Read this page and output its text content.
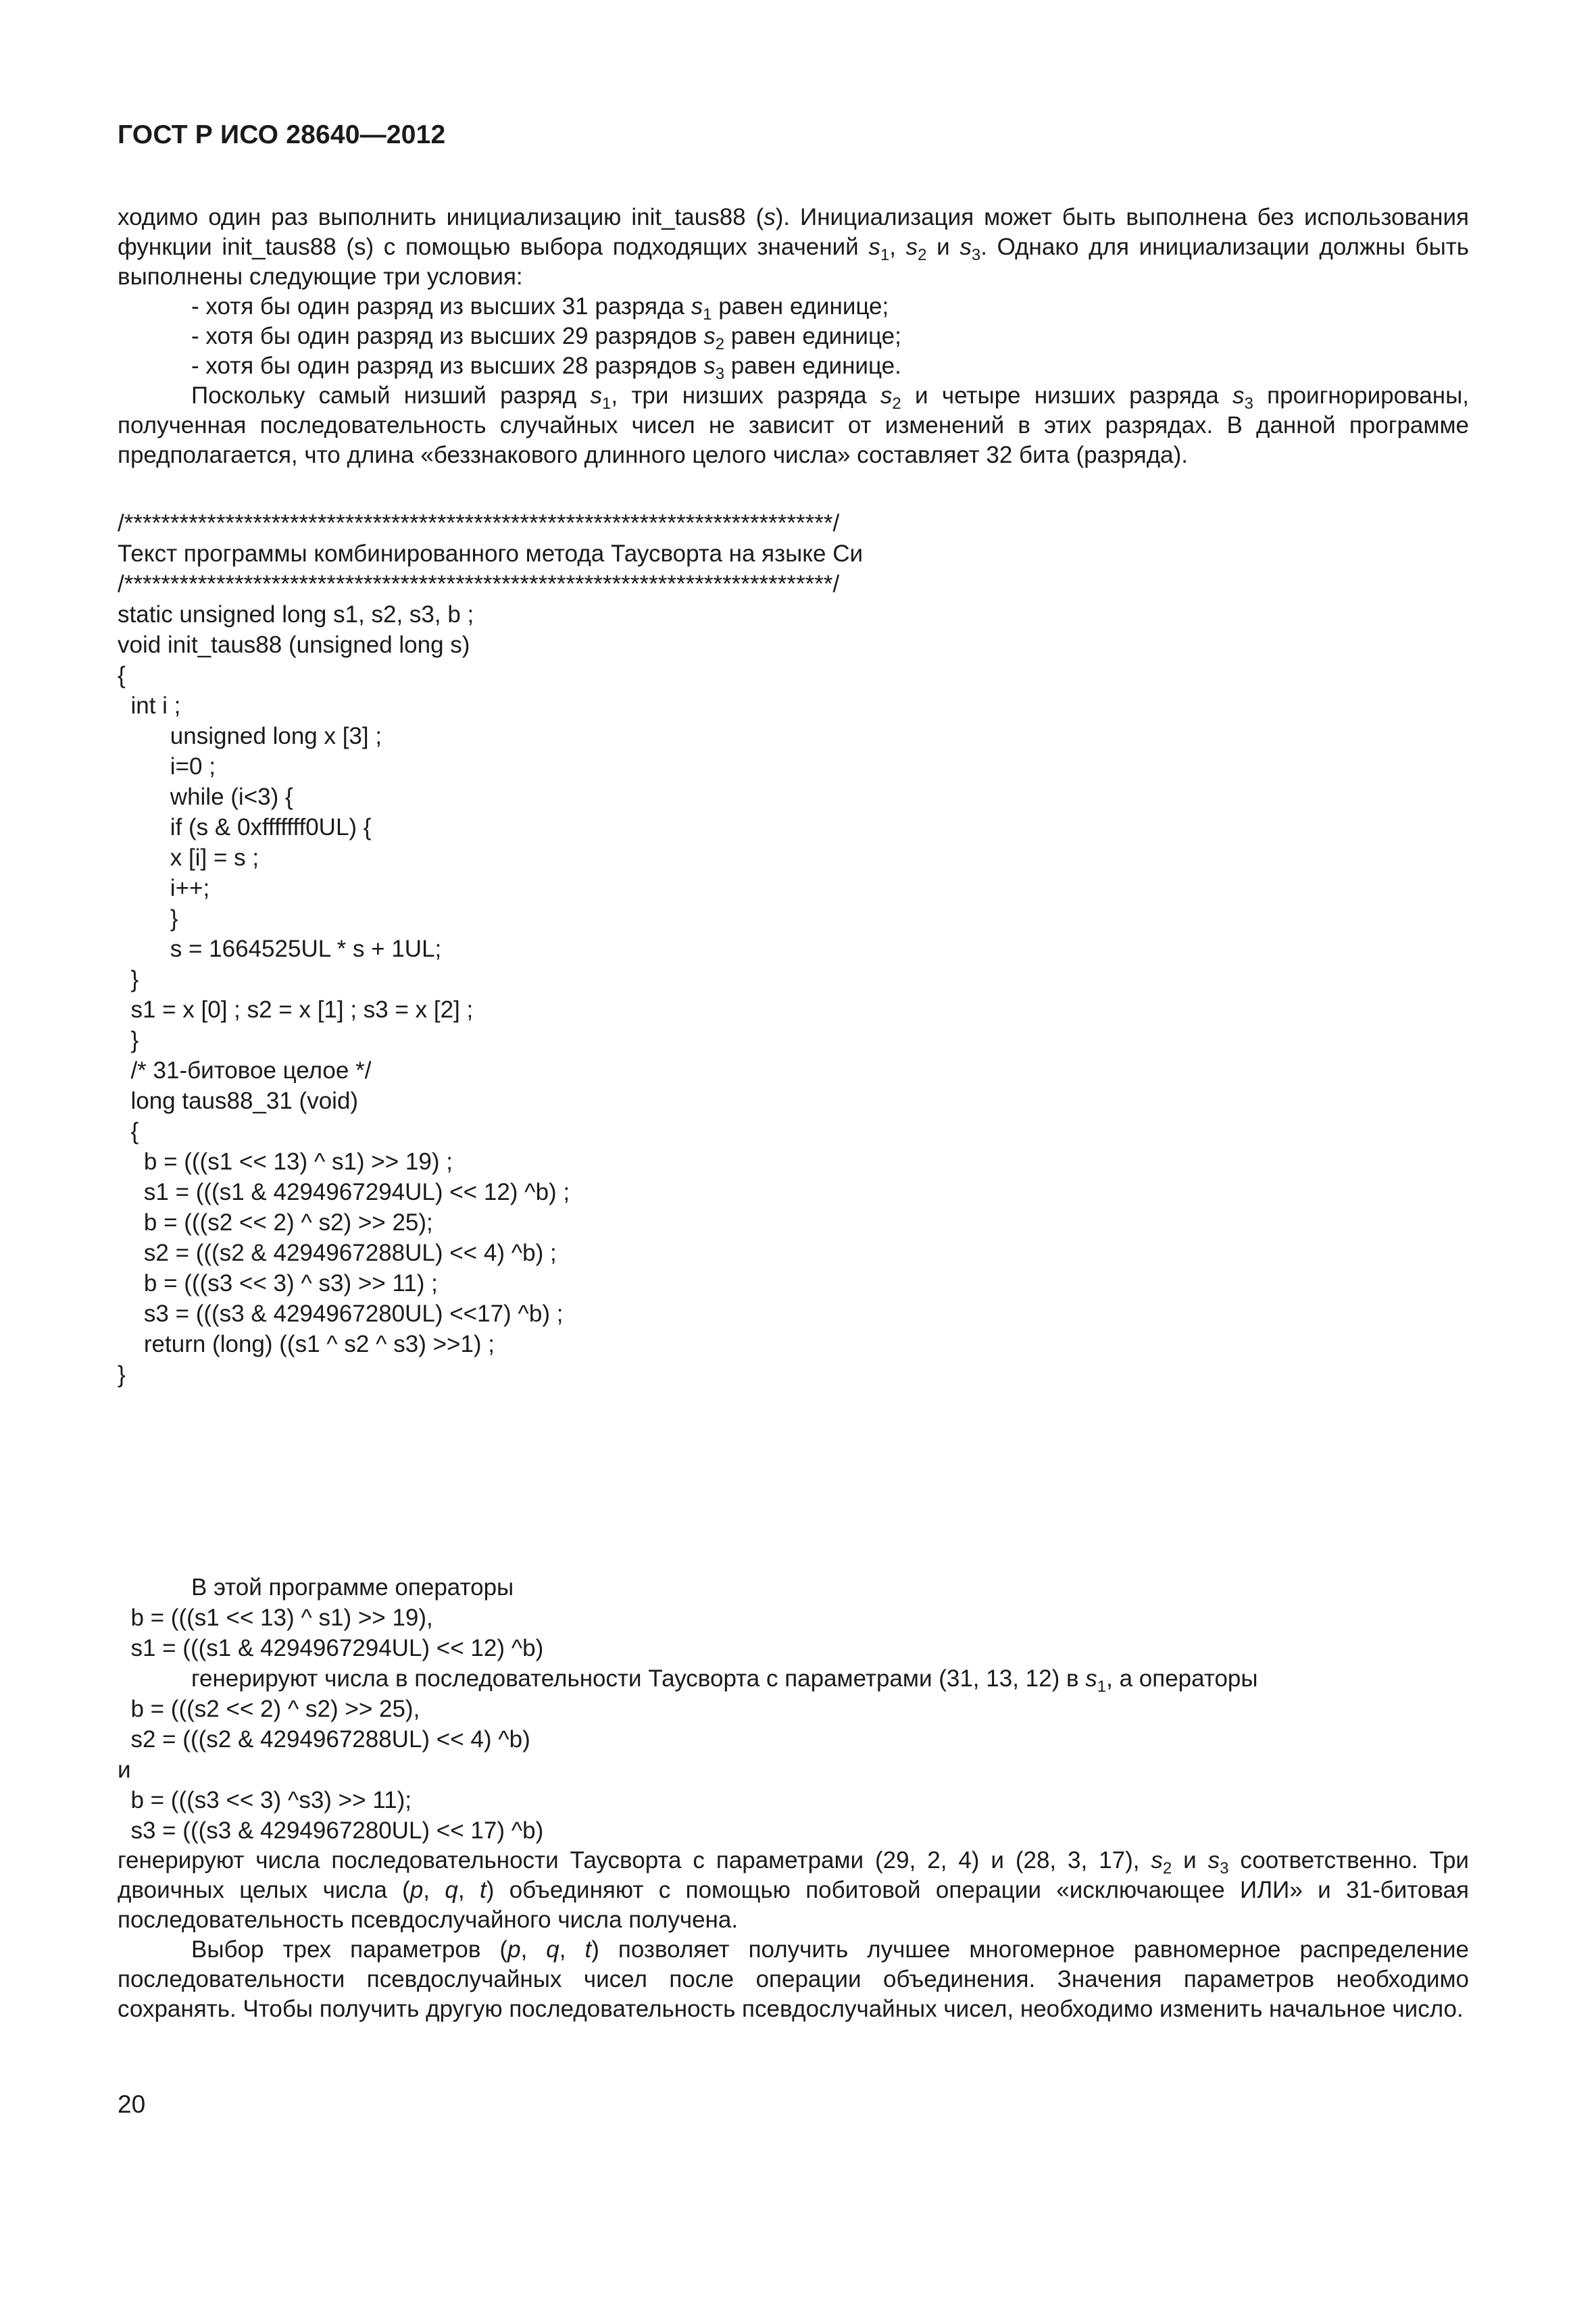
ГОСТ Р ИСО 28640—2012

ходимо один раз выполнить инициализацию init_taus88 (s). Инициализация может быть выполнена без использования функции init_taus88 (s) с помощью выбора подходящих значений $s_1$, $s_2$ и $s_3$. Однако для инициализации должны быть выполнены следующие три условия:

- хотя бы один разряд из высших 31 разряда $s_1$ равен единице;

- хотя бы один разряд из высших 29 разрядов $s_2$ равен единице;

- хотя бы один разряд из высших 28 разрядов $s_3$ равен единице.

Поскольку самый низший разряд $s_1$, три низших разряда $s_2$ и четыре низших разряда $s_3$ проигнорированы, полученная последовательность случайных чисел не зависит от изменений в этих разрядах. В данной программе предполагается, что длина «беззнакового длинного целого числа» составляет 32 бита (разряда).

/*****************************************************************************/
Текст программы комбинированного метода Таусворта на языке Си
/*****************************************************************************/
static unsigned long s1, s2, s3, b ;
void init_taus88 (unsigned long s)
{
int i ;
unsigned long x [3] ;
i=0 ;
while (i<3) {
if (s & 0xfffffff0UL) {
x [i] = s ;
i++;
}
s = 1664525UL * s + 1UL;
}
s1 = x [0] ; s2 = x [1] ; s3 = x [2] ;
}
/* 31-битовое целое */
long taus88_31 (void)
{
b = (((s1 << 13) ^ s1) >> 19) ;
s1 = (((s1 & 4294967294UL) << 12) ^b) ;
b = (((s2 << 2) ^ s2) >> 25);
s2 = (((s2 & 4294967288UL) << 4) ^b) ;
b = (((s3 << 3) ^ s3) >> 11) ;
s3 = (((s3 & 4294967280UL) <<17) ^b) ;
return (long) ((s1 ^ s2 ^ s3) >>1) ;
}
В этой программе операторы
b = (((s1 << 13) ^ s1) >> 19),
s1 = (((s1 & 4294967294UL) << 12) ^b)
генерируют числа в последовательности Таусворта с параметрами (31, 13, 12) в $s_1$, а операторы
b = (((s2 << 2) ^ s2) >> 25),
s2 = (((s2 & 4294967288UL) << 4) ^b)
и
b = (((s3 << 3) ^s3) >> 11);
s3 = (((s3 & 4294967280UL) << 17) ^b)

генерируют числа последовательности Таусворта с параметрами (29, 2, 4) и (28, 3, 17), $s_2$ и $s_3$ соответственно. Три двоичных целых числа (p, q, t) объединяют с помощью побитовой операции «исключающее ИЛИ» и 31-битовая последовательность псевдослучайного числа получена.

Выбор трех параметров (p, q, t) позволяет получить лучшее многомерное равномерное распределение последовательности псевдослучайных чисел после операции объединения. Значения параметров необходимо сохранять. Чтобы получить другую последовательность псевдослучайных чисел, необходимо изменить начальное число.

20
